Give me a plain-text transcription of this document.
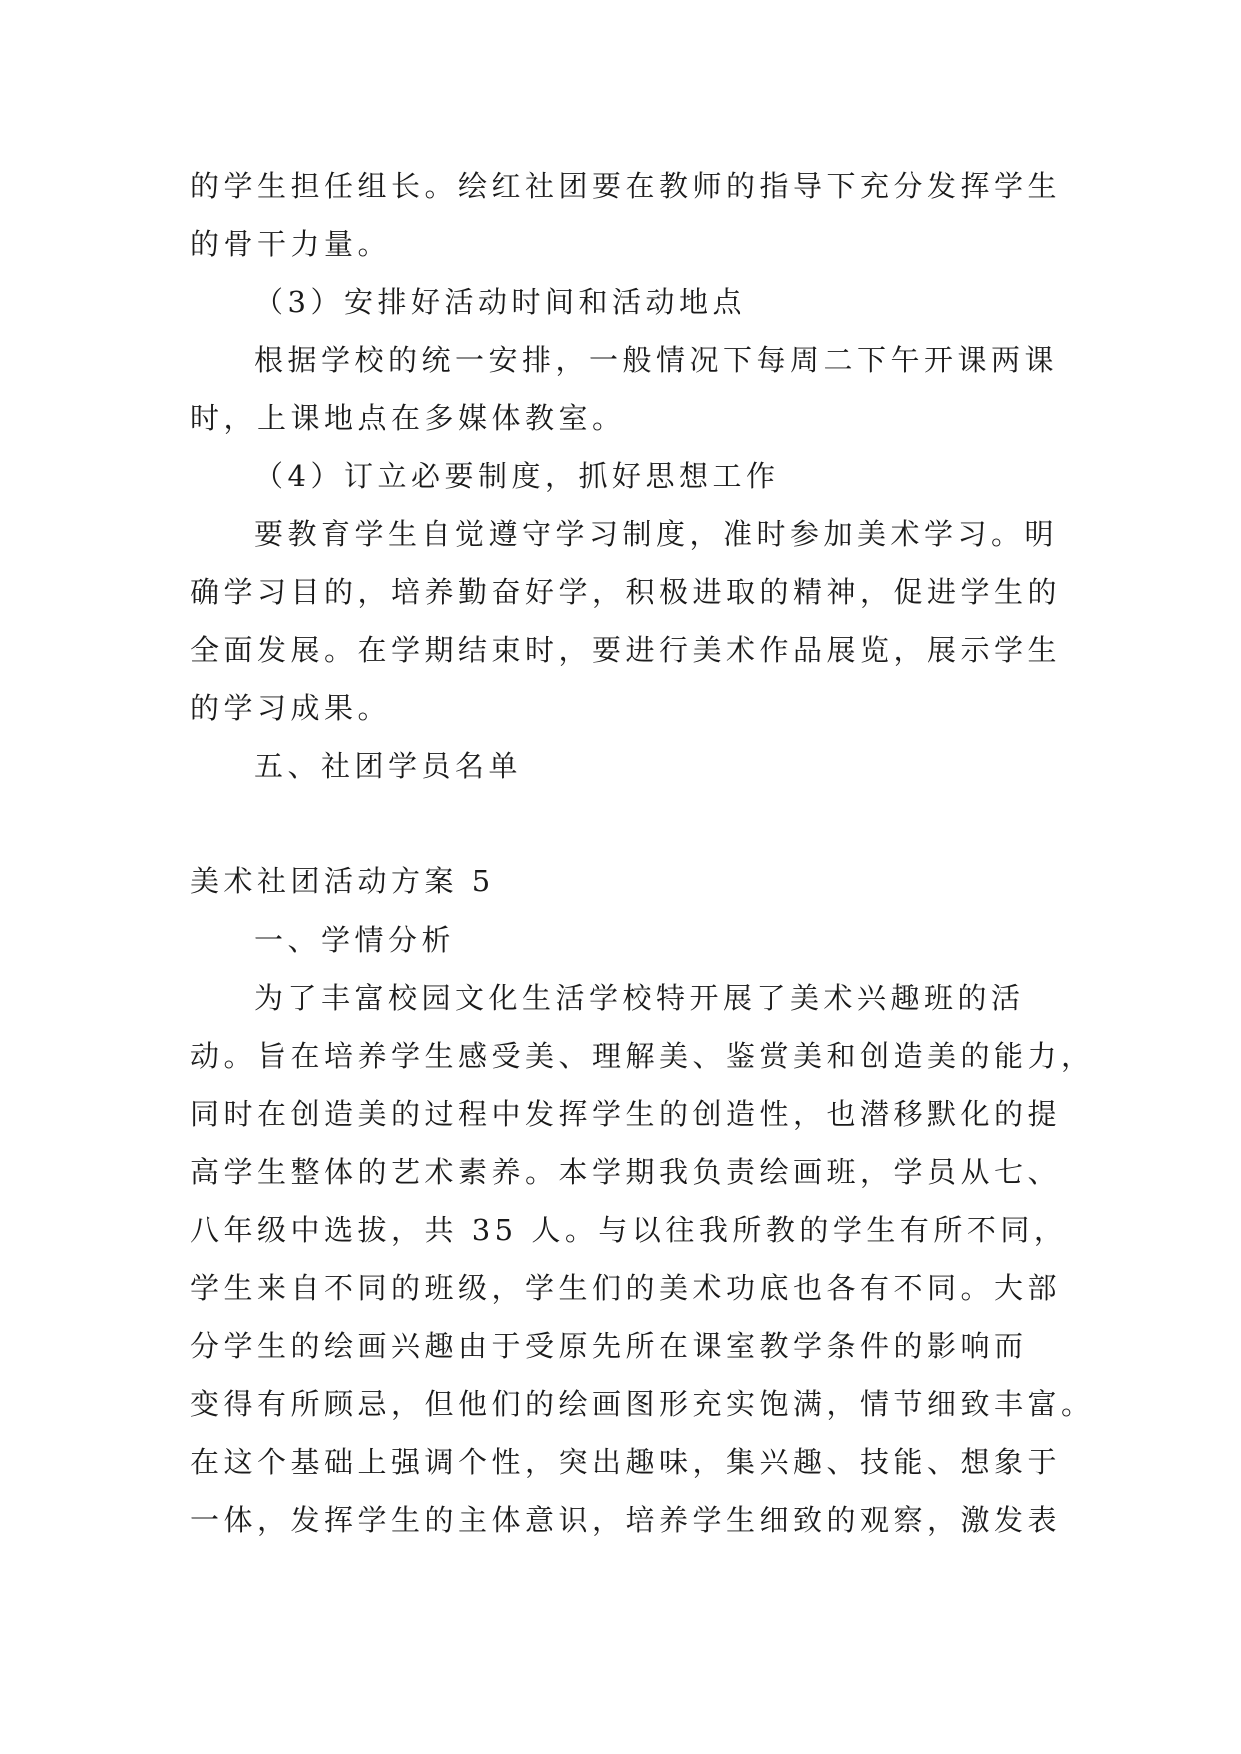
的学生担任组长。绘红社团要在教师的指导下充分发挥学生
的骨干力量。
（3）安排好活动时间和活动地点
根据学校的统一安排，一般情况下每周二下午开课两课
时，上课地点在多媒体教室。
（4）订立必要制度，抓好思想工作
要教育学生自觉遵守学习制度，准时参加美术学习。明
确学习目的，培养勤奋好学，积极进取的精神，促进学生的
全面发展。在学期结束时，要进行美术作品展览，展示学生
的学习成果。
五、社团学员名单
美术社团活动方案 5
一、学情分析
为了丰富校园文化生活学校特开展了美术兴趣班的活
动。旨在培养学生感受美、理解美、鉴赏美和创造美的能力，
同时在创造美的过程中发挥学生的创造性，也潜移默化的提
高学生整体的艺术素养。本学期我负责绘画班，学员从七、
八年级中选拔，共 35 人。与以往我所教的学生有所不同，
学生来自不同的班级，学生们的美术功底也各有不同。大部
分学生的绘画兴趣由于受原先所在课室教学条件的影响而
变得有所顾忌，但他们的绘画图形充实饱满，情节细致丰富。
在这个基础上强调个性，突出趣味，集兴趣、技能、想象于
一体，发挥学生的主体意识，培养学生细致的观察，激发表
